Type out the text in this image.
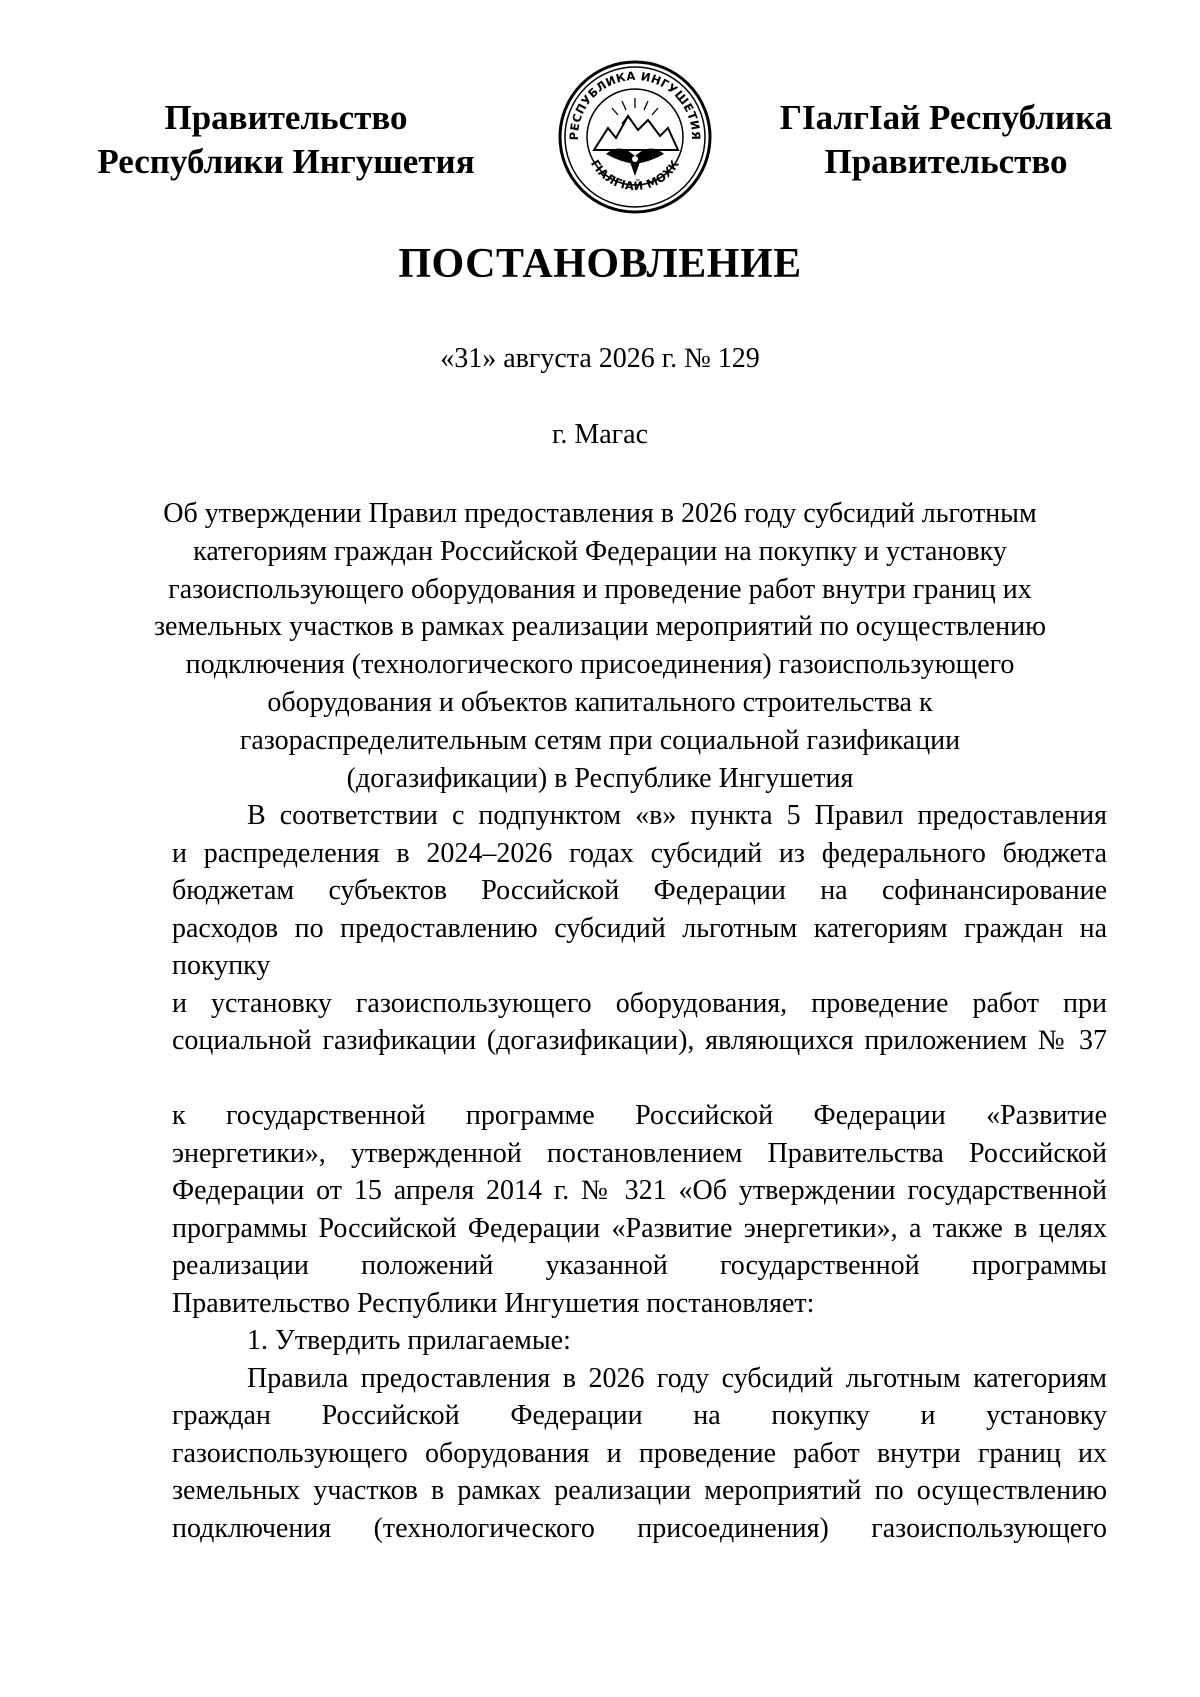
Правительство
Республики Ингушетия
РЕСПУБЛИКА ИНГУШЕТИЯ
ГIАЛГIАЙ МОХК
ГIалгIай Республика
Правительство
ПОСТАНОВЛЕНИЕ
«31» августа 2026 г. № 129
г. Магас
Об утверждении Правил предоставления в 2026 году субсидий льготным
категориям граждан Российской Федерации на покупку и установку
газоиспользующего оборудования и проведение работ внутри границ их
земельных участков в рамках реализации мероприятий по осуществлению
подключения (технологического присоединения) газоиспользующего
оборудования и объектов капитального строительства к
газораспределительным сетям при социальной газификации
(догазификации) в Республике Ингушетия
В соответствии с подпунктом «в» пункта 5 Правил предоставления
и распределения в 2024–2026 годах субсидий из федерального бюджета
бюджетам субъектов Российской Федерации на софинансирование
расходов по предоставлению субсидий льготным категориям граждан на
покупку
и установку газоиспользующего оборудования, проведение работ при
социальной газификации (догазификации), являющихся приложением № 37
к государственной программе Российской Федерации «Развитие
энергетики», утвержденной постановлением Правительства Российской
Федерации от 15 апреля 2014 г. № 321 «Об утверждении государственной
программы Российской Федерации «Развитие энергетики», а также в целях
реализации положений указанной государственной программы
Правительство Республики Ингушетия постановляет:
1. Утвердить прилагаемые:
Правила предоставления в 2026 году субсидий льготным категориям
граждан Российской Федерации на покупку и установку
газоиспользующего оборудования и проведение работ внутри границ их
земельных участков в рамках реализации мероприятий по осуществлению
подключения (технологического присоединения) газоиспользующего
